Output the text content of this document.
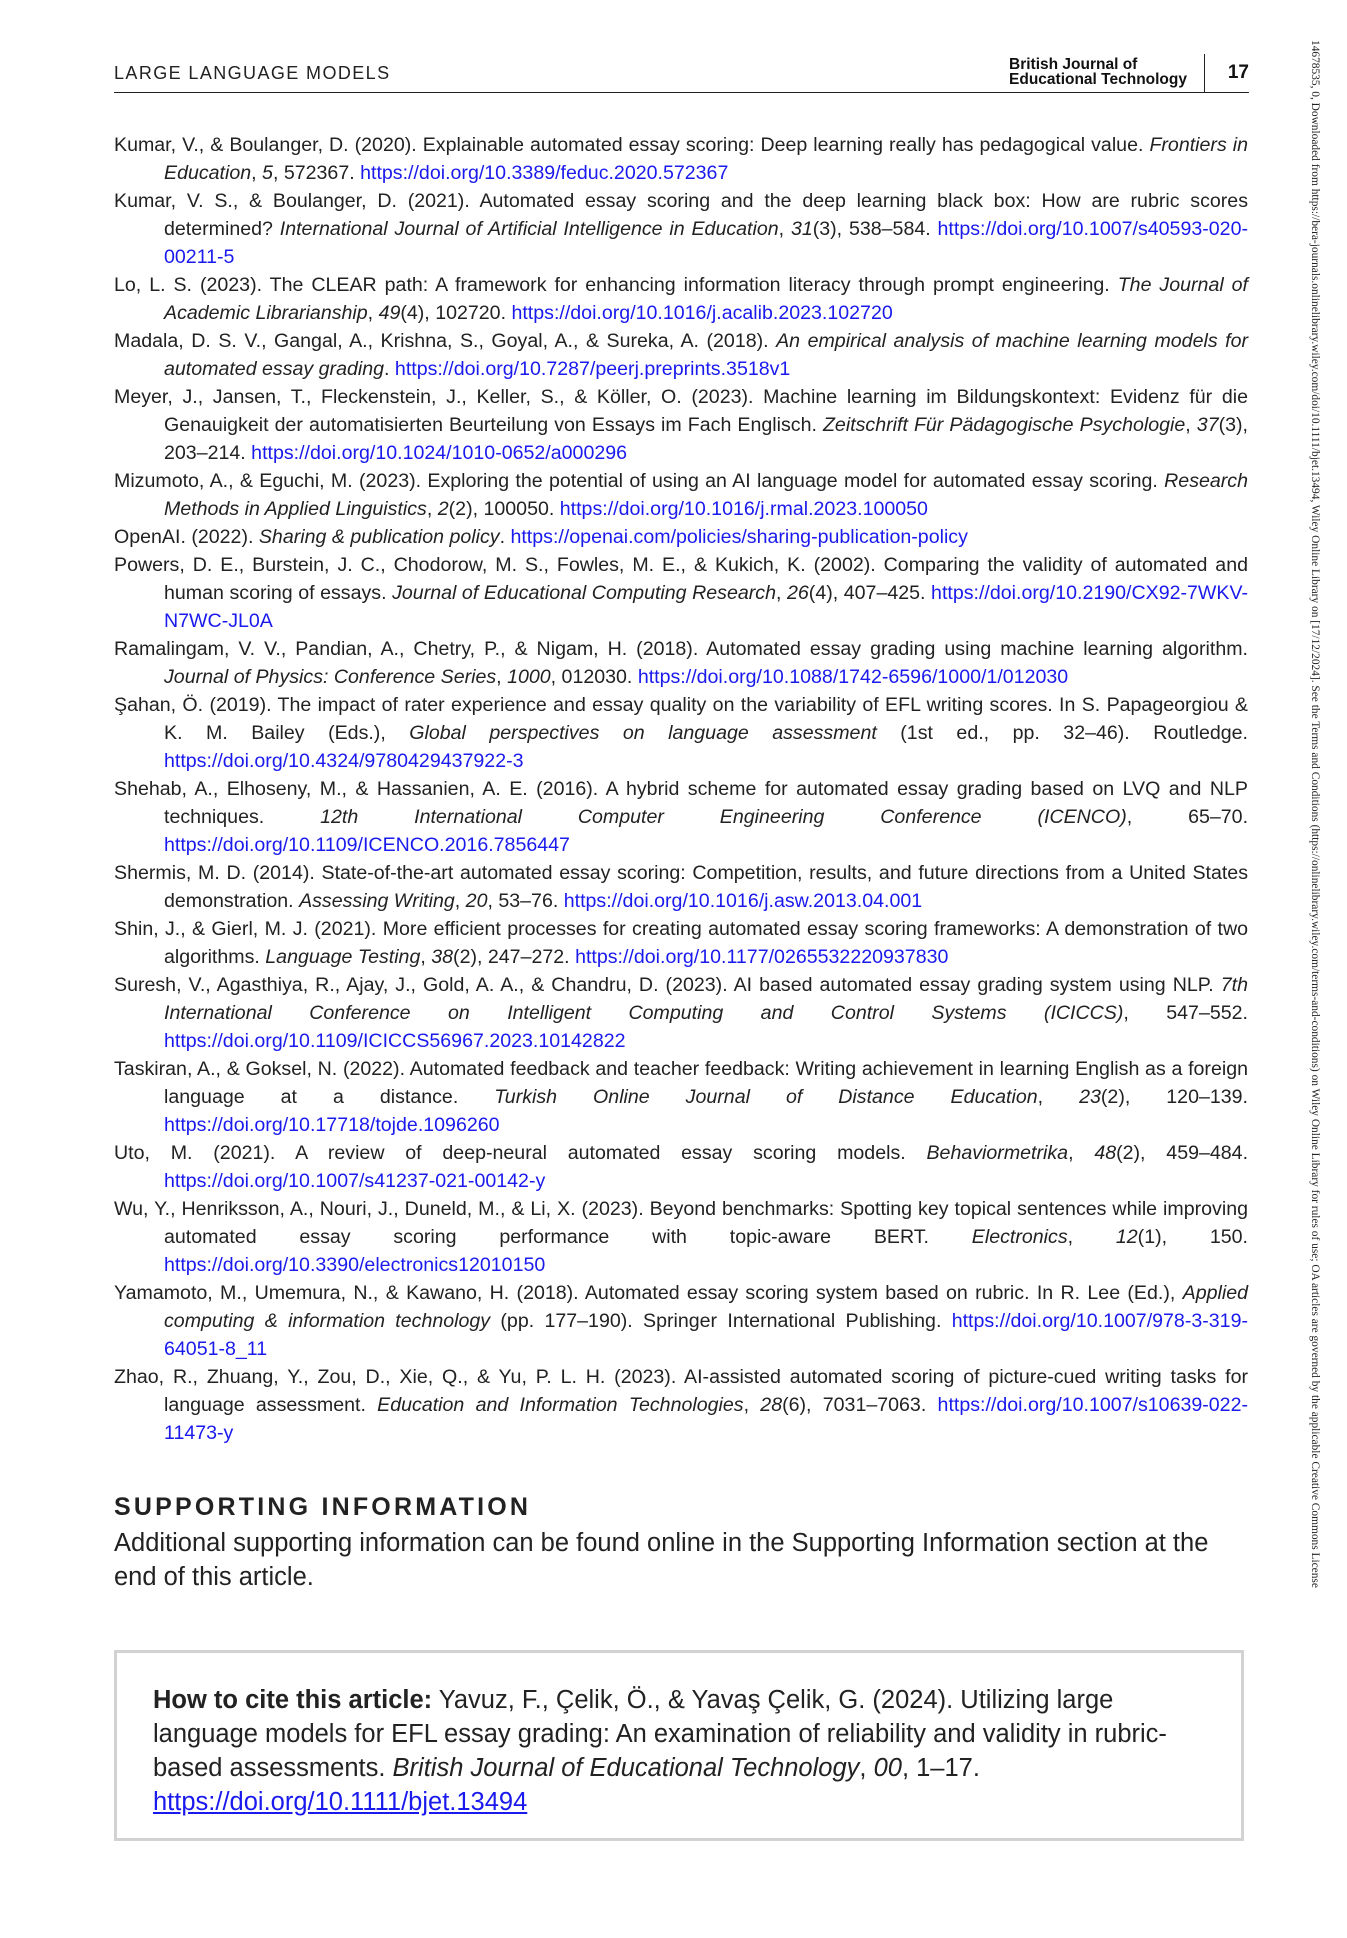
LARGE LANGUAGE MODELS	British Journal of
Educational Technology 17	14678535, 0, Downloaded from https://bera-journals.onlinelibrary.wiley.com/doi/10.1111/bjet.13494, Wiley Online Library on [17/12/2024]. See the Terms and Conditions (https://onlinelibrary.wiley.com/terms-and-conditions) on Wiley Online Library for rules of use; OA articles are governed by the applicable Creative Commons License
Kumar, V., & Boulanger, D. (2020). Explainable automated essay scoring: Deep learning really has pedagogical value. Frontiers in Education, 5, 572367. https://doi.org/10.3389/feduc.2020.572367
Kumar, V. S., & Boulanger, D. (2021). Automated essay scoring and the deep learning black box: How are rubric scores determined? International Journal of Artificial Intelligence in Education, 31(3), 538–584. https://doi.org/10.1007/s40593-020-00211-5
Lo, L. S. (2023). The CLEAR path: A framework for enhancing information literacy through prompt engineering. The Journal of Academic Librarianship, 49(4), 102720. https://doi.org/10.1016/j.acalib.2023.102720
Madala, D. S. V., Gangal, A., Krishna, S., Goyal, A., & Sureka, A. (2018). An empirical analysis of machine learning models for automated essay grading. https://doi.org/10.7287/peerj.preprints.3518v1
Meyer, J., Jansen, T., Fleckenstein, J., Keller, S., & Köller, O. (2023). Machine learning im Bildungskontext: Evidenz für die Genauigkeit der automatisierten Beurteilung von Essays im Fach Englisch. Zeitschrift Für Pädagogische Psychologie, 37(3), 203–214. https://doi.org/10.1024/1010-0652/a000296
Mizumoto, A., & Eguchi, M. (2023). Exploring the potential of using an AI language model for automated essay scoring. Research Methods in Applied Linguistics, 2(2), 100050. https://doi.org/10.1016/j.rmal.2023.100050
OpenAI. (2022). Sharing & publication policy. https://openai.com/policies/sharing-publication-policy
Powers, D. E., Burstein, J. C., Chodorow, M. S., Fowles, M. E., & Kukich, K. (2002). Comparing the validity of automated and human scoring of essays. Journal of Educational Computing Research, 26(4), 407–425. https://doi.org/10.2190/CX92-7WKV-N7WC-JL0A
Ramalingam, V. V., Pandian, A., Chetry, P., & Nigam, H. (2018). Automated essay grading using machine learning algorithm. Journal of Physics: Conference Series, 1000, 012030. https://doi.org/10.1088/1742-6596/1000/1/012030
Şahan, Ö. (2019). The impact of rater experience and essay quality on the variability of EFL writing scores. In S. Papageorgiou & K. M. Bailey (Eds.), Global perspectives on language assessment (1st ed., pp. 32–46). Routledge. https://doi.org/10.4324/9780429437922-3
Shehab, A., Elhoseny, M., & Hassanien, A. E. (2016). A hybrid scheme for automated essay grading based on LVQ and NLP techniques. 12th International Computer Engineering Conference (ICENCO), 65–70. https://doi.org/10.1109/ICENCO.2016.7856447
Shermis, M. D. (2014). State-of-the-art automated essay scoring: Competition, results, and future directions from a United States demonstration. Assessing Writing, 20, 53–76. https://doi.org/10.1016/j.asw.2013.04.001
Shin, J., & Gierl, M. J. (2021). More efficient processes for creating automated essay scoring frameworks: A demonstration of two algorithms. Language Testing, 38(2), 247–272. https://doi.org/10.1177/0265532220937830
Suresh, V., Agasthiya, R., Ajay, J., Gold, A. A., & Chandru, D. (2023). AI based automated essay grading system using NLP. 7th International Conference on Intelligent Computing and Control Systems (ICICCS), 547–552. https://doi.org/10.1109/ICICCS56967.2023.10142822
Taskiran, A., & Goksel, N. (2022). Automated feedback and teacher feedback: Writing achievement in learning English as a foreign language at a distance. Turkish Online Journal of Distance Education, 23(2), 120–139. https://doi.org/10.17718/tojde.1096260
Uto, M. (2021). A review of deep-neural automated essay scoring models. Behaviormetrika, 48(2), 459–484. https://doi.org/10.1007/s41237-021-00142-y
Wu, Y., Henriksson, A., Nouri, J., Duneld, M., & Li, X. (2023). Beyond benchmarks: Spotting key topical sentences while improving automated essay scoring performance with topic-aware BERT. Electronics, 12(1), 150. https://doi.org/10.3390/electronics12010150
Yamamoto, M., Umemura, N., & Kawano, H. (2018). Automated essay scoring system based on rubric. In R. Lee (Ed.), Applied computing & information technology (pp. 177–190). Springer International Publishing. https://doi.org/10.1007/978-3-319-64051-8_11
Zhao, R., Zhuang, Y., Zou, D., Xie, Q., & Yu, P. L. H. (2023). AI-assisted automated scoring of picture-cued writing tasks for language assessment. Education and Information Technologies, 28(6), 7031–7063. https://doi.org/10.1007/s10639-022-11473-y
SUPPORTING INFORMATION
Additional supporting information can be found online in the Supporting Information section at the end of this article.
How to cite this article: Yavuz, F., Çelik, Ö., & Yavaş Çelik, G. (2024). Utilizing large language models for EFL essay grading: An examination of reliability and validity in rubric-based assessments. British Journal of Educational Technology, 00, 1–17.
https://doi.org/10.1111/bjet.13494
